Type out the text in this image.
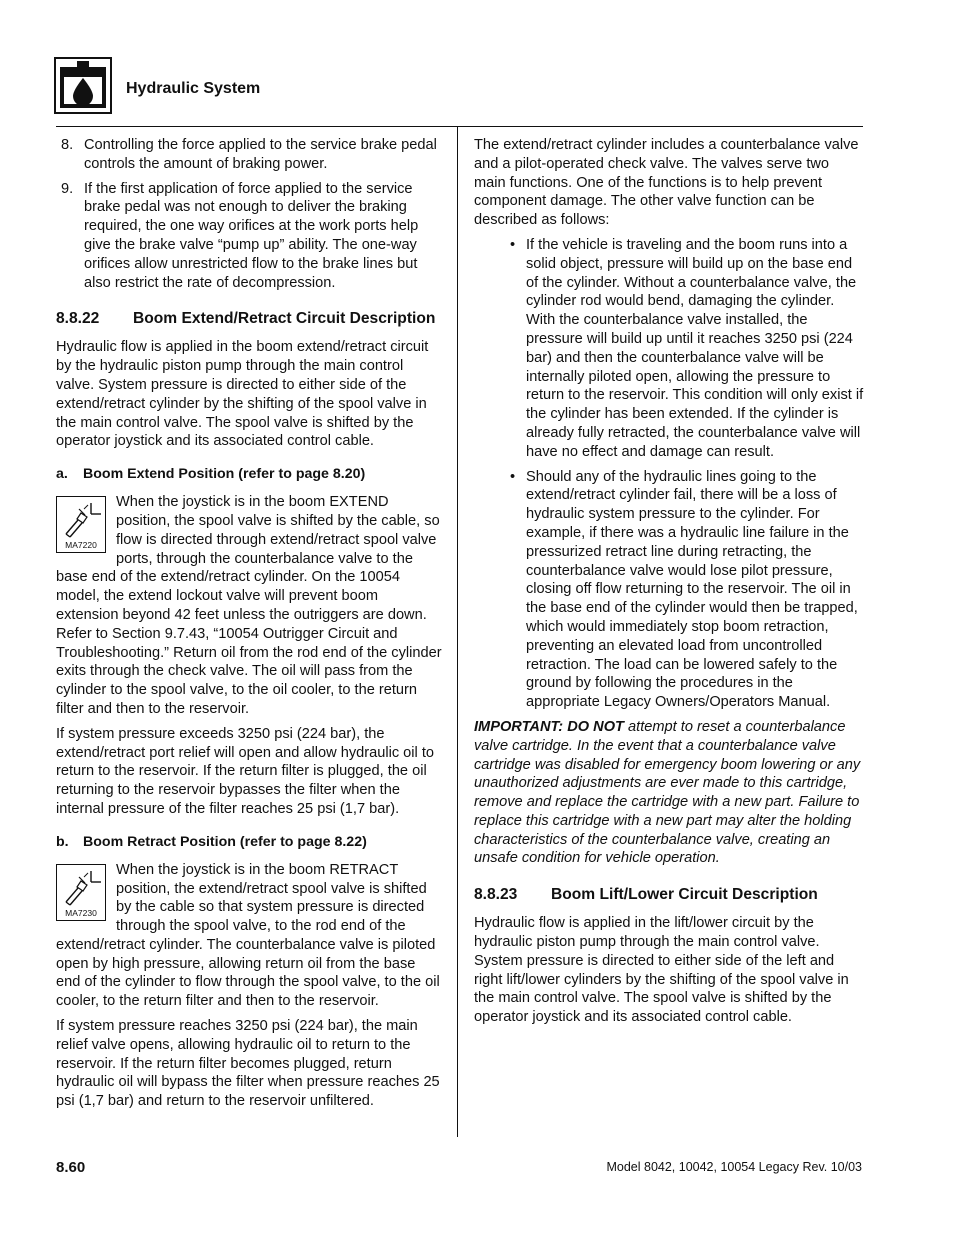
Hydraulic System
8. Controlling the force applied to the service brake pedal controls the amount of braking power.
9. If the first application of force applied to the service brake pedal was not enough to deliver the braking required, the one way orifices at the work ports help give the brake valve “pump up” ability. The one-way orifices allow unrestricted flow to the brake lines but also restrict the rate of decompression.
8.8.22 Boom Extend/Retract Circuit Description

Hydraulic flow is applied in the boom extend/retract circuit by the hydraulic piston pump through the main control valve. System pressure is directed to either side of the extend/retract cylinder by the shifting of the spool valve in the main control valve. The spool valve is shifted by the operator joystick and its associated control cable.

a. Boom Extend Position (refer to page 8.20)
MA7220

When the joystick is in the boom EXTEND position, the spool valve is shifted by the cable, so flow is directed through extend/retract spool valve ports, through the counterbalance valve to the base end of the extend/retract cylinder. On the 10054 model, the extend lockout valve will prevent boom extension beyond 42 feet unless the outriggers are down. Refer to Section 9.7.43, “10054 Outrigger Circuit and Troubleshooting.” Return oil from the rod end of the cylinder exits through the check valve. The oil will pass from the cylinder to the spool valve, to the oil cooler, to the return filter and then to the reservoir.

If system pressure exceeds 3250 psi (224 bar), the extend/retract port relief will open and allow hydraulic oil to return to the reservoir. If the return filter is plugged, the oil returning to the reservoir bypasses the filter when the internal pressure of the filter reaches 25 psi (1,7 bar).

b. Boom Retract Position (refer to page 8.22)
MA7230

When the joystick is in the boom RETRACT position, the extend/retract spool valve is shifted by the cable so that system pressure is directed through the spool valve, to the rod end of the extend/retract cylinder. The counterbalance valve is piloted open by high pressure, allowing return oil from the base end of the cylinder to flow through the spool valve, to the oil cooler, to the return filter and then to the reservoir.

If system pressure reaches 3250 psi (224 bar), the main relief valve opens, allowing hydraulic oil to return to the reservoir. If the return filter becomes plugged, return hydraulic oil will bypass the filter when pressure reaches 25 psi (1,7 bar) and return to the reservoir unfiltered.

The extend/retract cylinder includes a counterbalance valve and a pilot-operated check valve. The valves serve two main functions. One of the functions is to help prevent component damage. The other valve function can be described as follows:

• If the vehicle is traveling and the boom runs into a solid object, pressure will build up on the base end of the cylinder. Without a counterbalance valve, the cylinder rod would bend, damaging the cylinder. With the counterbalance valve installed, the pressure will build up until it reaches 3250 psi (224 bar) and then the counterbalance valve will be internally piloted open, allowing the pressure to return to the reservoir. This condition will only exist if the cylinder has been extended. If the cylinder is already fully retracted, the counterbalance valve will have no effect and damage can result.
• Should any of the hydraulic lines going to the extend/retract cylinder fail, there will be a loss of hydraulic system pressure to the cylinder. For example, if there was a hydraulic line failure in the pressurized retract line during retracting, the counterbalance valve would lose pilot pressure, closing off flow returning to the reservoir. The oil in the base end of the cylinder would then be trapped, which would immediately stop boom retraction, preventing an elevated load from uncontrolled retraction. The load can be lowered safely to the ground by following the procedures in the appropriate Legacy Owners/Operators Manual.

IMPORTANT: DO NOT attempt to reset a counterbalance valve cartridge. In the event that a counterbalance valve cartridge was disabled for emergency boom lowering or any unauthorized adjustments are ever made to this cartridge, remove and replace the cartridge with a new part. Failure to replace this cartridge with a new part may alter the holding characteristics of the counterbalance valve, creating an unsafe condition for vehicle operation.

8.8.23 Boom Lift/Lower Circuit Description

Hydraulic flow is applied in the lift/lower circuit by the hydraulic piston pump through the main control valve. System pressure is directed to either side of the left and right lift/lower cylinders by the shifting of the spool valve in the main control valve. The spool valve is shifted by the operator joystick and its associated control cable.

8.60	Model 8042, 10042, 10054 Legacy Rev. 10/03
